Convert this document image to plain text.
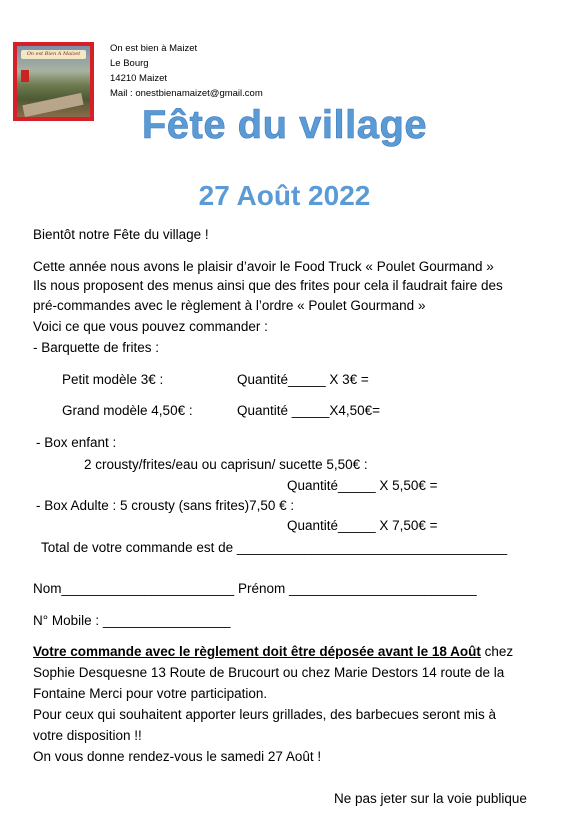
On est Bien A Maizet	On est bien à Maizet
Le Bourg
14210 Maizet
Mail : onestbienamaizet@gmail.com
Fête du village
27 Août 2022
Bientôt notre Fête du village !
Cette année nous avons le plaisir d’avoir le Food Truck « Poulet Gourmand »
Ils nous proposent des menus ainsi que des frites pour cela il faudrait faire des
pré-commandes avec le règlement à l’ordre « Poulet Gourmand »
Voici ce que vous pouvez commander :
- Barquette de frites :
Petit modèle 3€ :	Quantité_____ X 3€ =
Grand modèle 4,50€ :	Quantité _____X4,50€=
- Box enfant :
2 crousty/frites/eau ou caprisun/ sucette 5,50€ :
Quantité_____ X 5,50€ =
- Box Adulte : 5 crousty (sans frites)7,50 € :
Quantité_____ X 7,50€ =
Total de votre commande est de ____________________________________
Nom_______________________ Prénom _________________________
N° Mobile : _________________
Votre commande avec le règlement doit être déposée avant le 18 Août chez
Sophie Desquesne 13 Route de Brucourt ou chez Marie Destors 14 route de la
Fontaine Merci pour votre participation.
Pour ceux qui souhaitent apporter leurs grillades, des barbecues seront mis à
votre disposition !!
On vous donne rendez-vous le samedi 27 Août !
Ne pas jeter sur la voie publique
